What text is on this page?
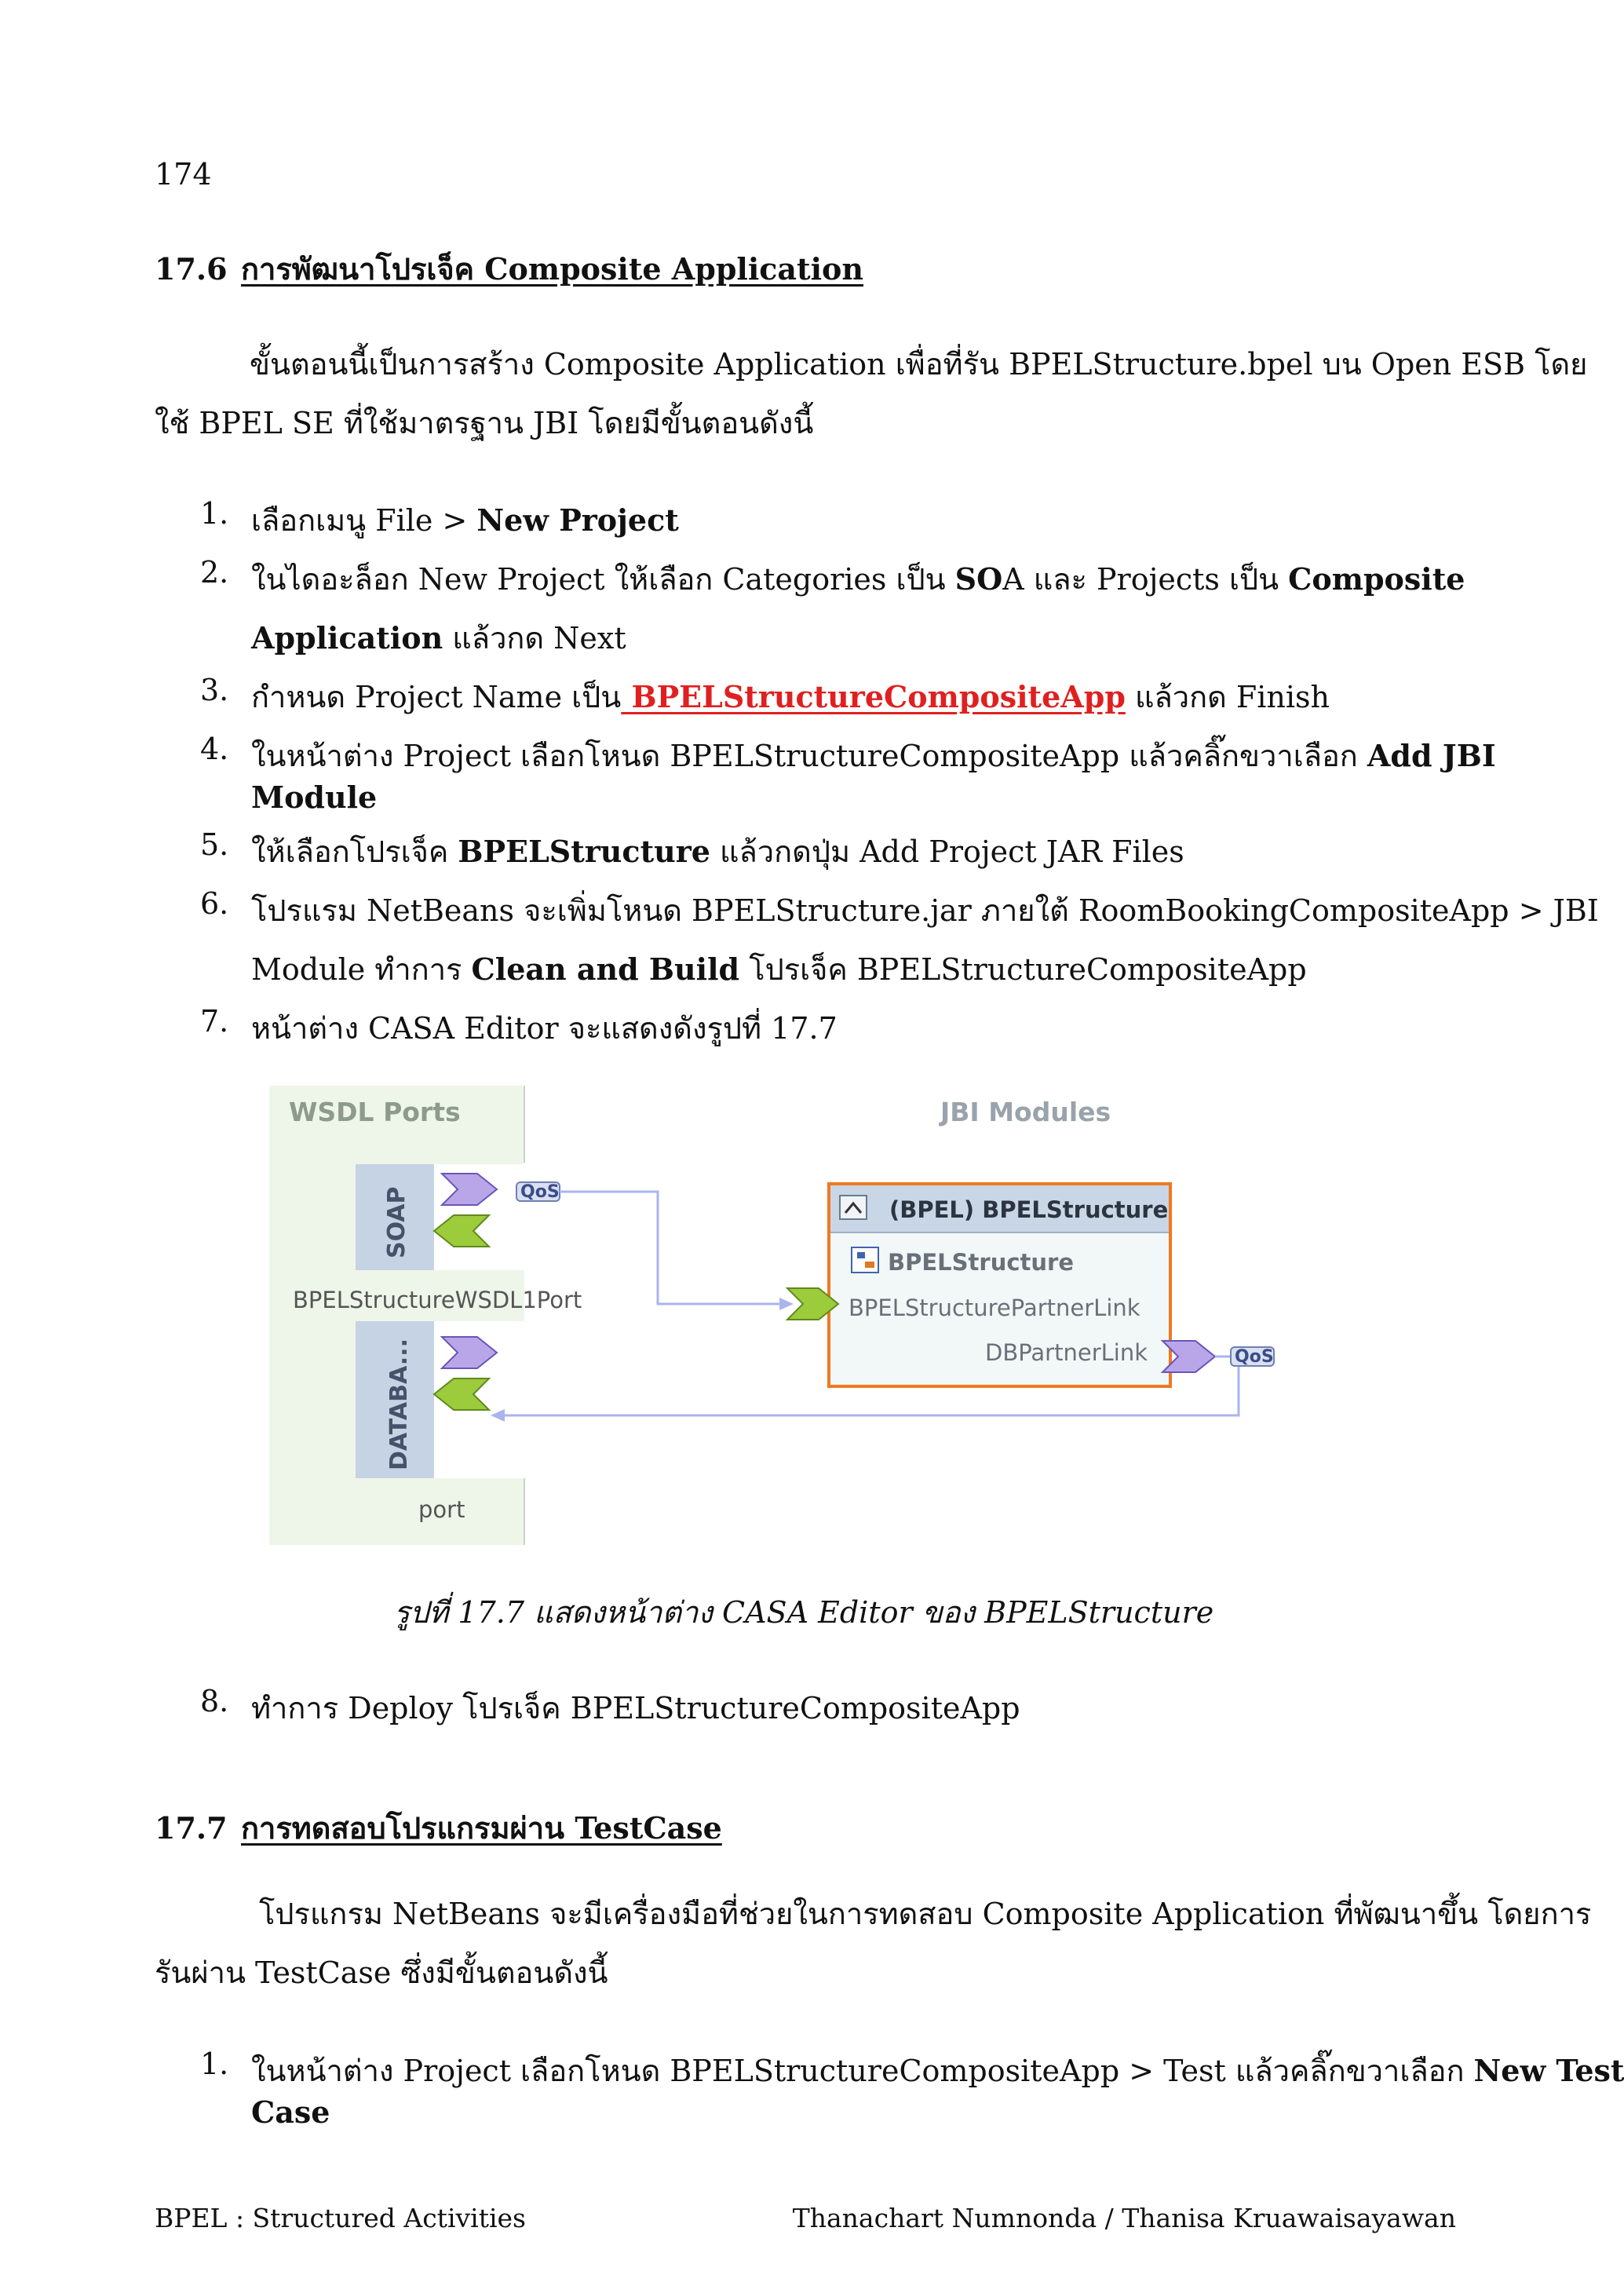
174
17.6 การพัฒนาโปรเจ็ค Composite Application
ขั้นตอนนี้เป็นการสร้าง Composite Application เพื่อที่รัน BPELStructure.bpel บน Open ESB โดย
ใช้ BPEL SE ที่ใช้มาตรฐาน JBI โดยมีขั้นตอนดังนี้
1. เลือกเมนู File > New Project
2. ในไดอะล็อก New Project ให้เลือก Categories เป็น SOA และ Projects เป็น Composite
Application แล้วกด Next
3. กำหนด Project Name เป็น BPELStructureCompositeApp แล้วกด Finish
4. ในหน้าต่าง Project เลือกโหนด BPELStructureCompositeApp แล้วคลิ๊กขวาเลือก Add JBI
Module
5. ให้เลือกโปรเจ็ค BPELStructure แล้วกดปุ่ม Add Project JAR Files
6. โปรแรม NetBeans จะเพิ่มโหนด BPELStructure.jar ภายใต้ RoomBookingCompositeApp > JBI
Module ทำการ Clean and Build โปรเจ็ค BPELStructureCompositeApp
7. หน้าต่าง CASA Editor จะแสดงดังรูปที่ 17.7
WSDL Ports	JBI Modules
SOAP	QoS
BPELStructureWSDL1Port
DATABA...
port
(BPEL) BPELStructure
BPELStructure
BPELStructurePartnerLink
DBPartnerLink	QoS
รูปที่ 17.7 แสดงหน้าต่าง CASA Editor ของ BPELStructure
8. ทำการ Deploy โปรเจ็ค BPELStructureCompositeApp
17.7 การทดสอบโปรแกรมผ่าน TestCase
โปรแกรม NetBeans จะมีเครื่องมือที่ช่วยในการทดสอบ Composite Application ที่พัฒนาขึ้น โดยการ
รันผ่าน TestCase ซึ่งมีขั้นตอนดังนี้
1. ในหน้าต่าง Project เลือกโหนด BPELStructureCompositeApp > Test แล้วคลิ๊กขวาเลือก New Test
Case
BPEL : Structured Activities	Thanachart Numnonda / Thanisa Kruawaisayawan
